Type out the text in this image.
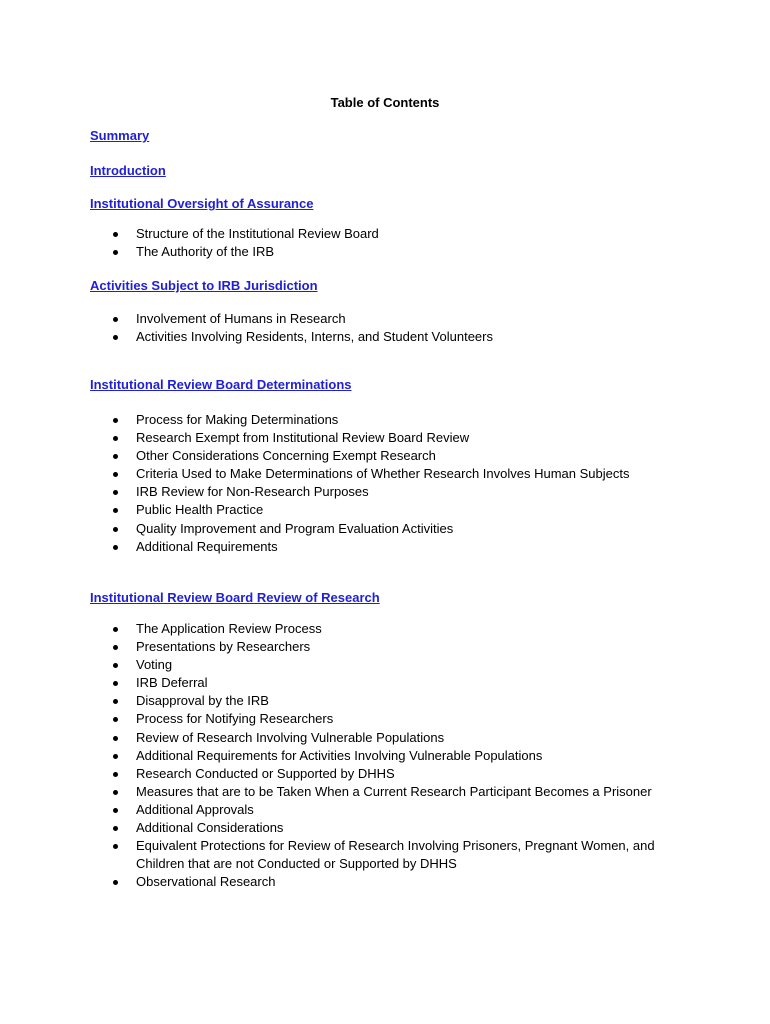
Table of Contents
Summary
Introduction
Institutional Oversight of Assurance
Structure of the Institutional Review Board
The Authority of the IRB
Activities Subject to IRB Jurisdiction
Involvement of Humans in Research
Activities Involving Residents, Interns, and Student Volunteers
Institutional Review Board Determinations
Process for Making Determinations
Research Exempt from Institutional Review Board Review
Other Considerations Concerning Exempt Research
Criteria Used to Make Determinations of Whether Research Involves Human Subjects
IRB Review for Non-Research Purposes
Public Health Practice
Quality Improvement and Program Evaluation Activities
Additional Requirements
Institutional Review Board Review of Research
The Application Review Process
Presentations by Researchers
Voting
IRB Deferral
Disapproval by the IRB
Process for Notifying Researchers
Review of Research Involving Vulnerable Populations
Additional Requirements for Activities Involving Vulnerable Populations
Research Conducted or Supported by DHHS
Measures that are to be Taken When a Current Research Participant Becomes a Prisoner
Additional Approvals
Additional Considerations
Equivalent Protections for Review of Research Involving Prisoners, Pregnant Women, and Children that are not Conducted or Supported by DHHS
Observational Research
